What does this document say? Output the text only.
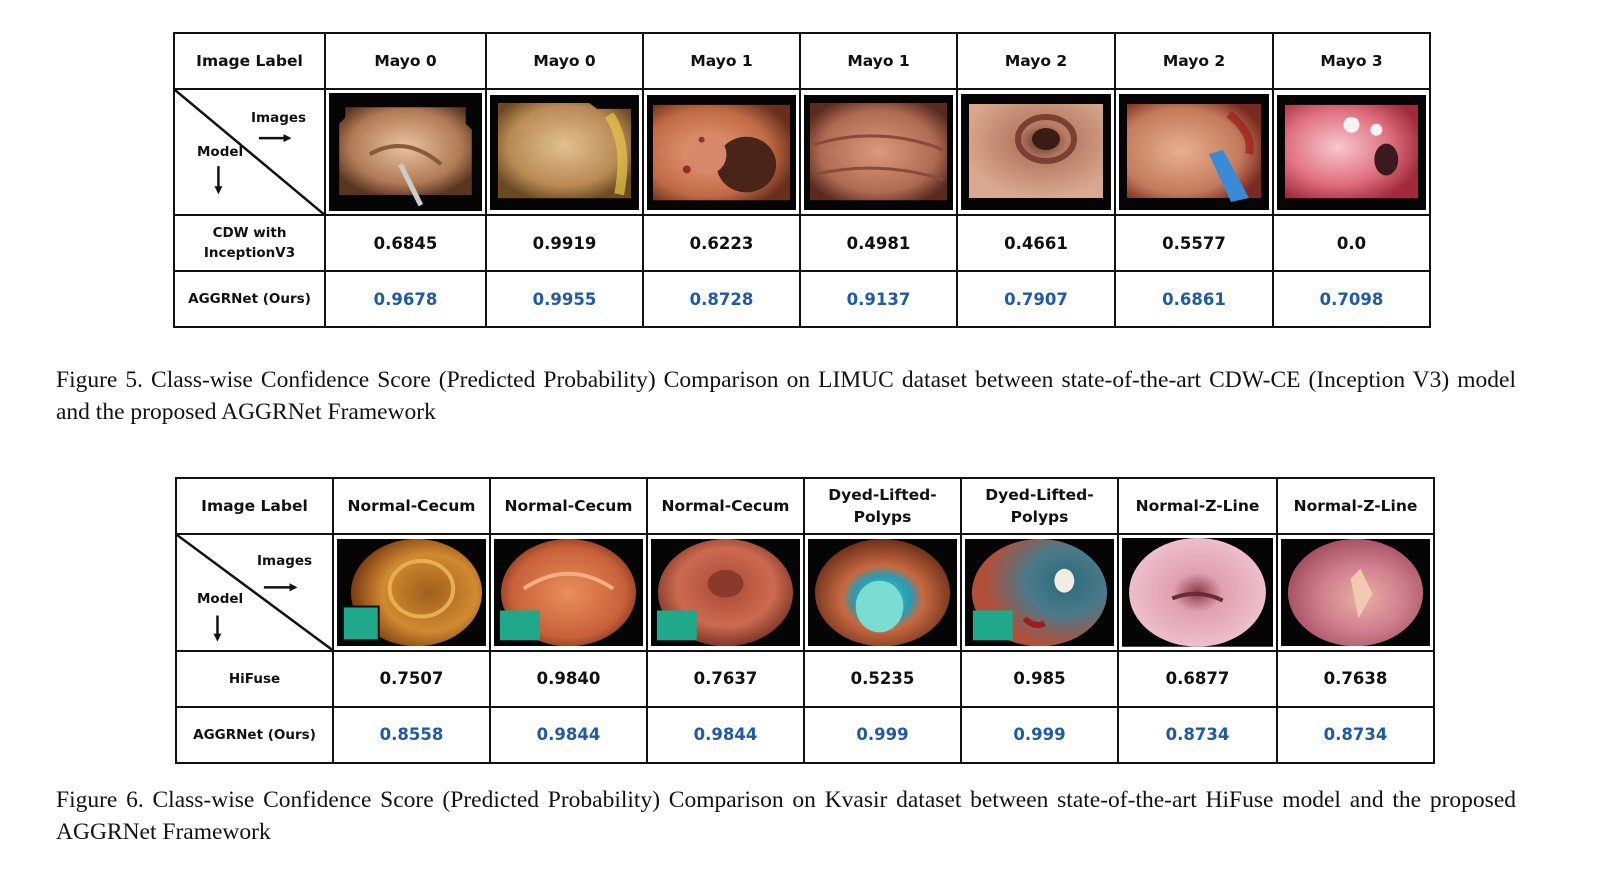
Image Label	Mayo 0	Mayo 0	Mayo 1	Mayo 1	Mayo 2	Mayo 2	Mayo 3

Images
Model

CDW with InceptionV3	0.6845	0.9919	0.6223	0.4981	0.4661	0.5577	0.0
AGGRNet (Ours)	0.9678	0.9955	0.8728	0.9137	0.7907	0.6861	0.7098
Figure 5. Class-wise Confidence Score (Predicted Probability) Comparison on LIMUC dataset between state-of-the-art CDW-CE (Inception V3) model and the proposed AGGRNet Framework
Image Label	Normal-Cecum	Normal-Cecum	Normal-Cecum	Dyed-Lifted-Polyps	Dyed-Lifted-Polyps	Normal-Z-Line	Normal-Z-Line

Images
Model

HiFuse	0.7507	0.9840	0.7637	0.5235	0.985	0.6877	0.7638
AGGRNet (Ours)	0.8558	0.9844	0.9844	0.999	0.999	0.8734	0.8734
Figure 6. Class-wise Confidence Score (Predicted Probability) Comparison on Kvasir dataset between state-of-the-art HiFuse model and the proposed AGGRNet Framework
